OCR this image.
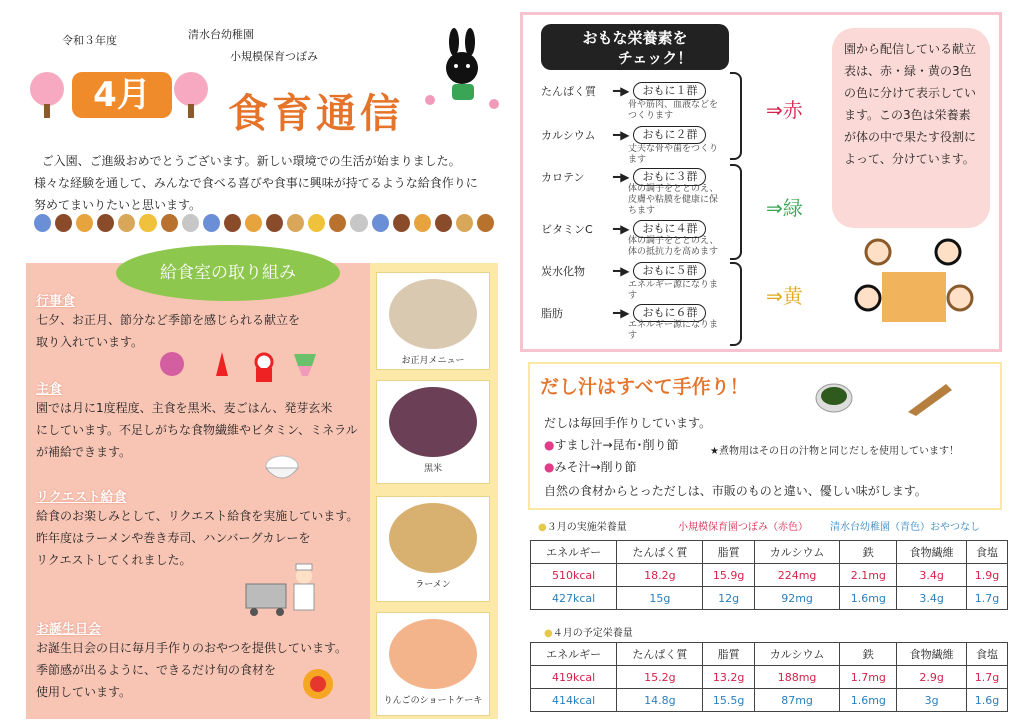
令和３年度	清水台幼稚園
小規模保育つぼみ
4月	食育通信
ご入園、ご進級おめでとうございます。新しい環境での生活が始まりました。
様々な経験を通して、みんなで食べる喜びや食事に興味が持てるような給食作りに
努めてまいりたいと思います。
給食室の取り組み
行事食
七夕、お正月、節分など季節を感じられる献立を
取り入れています。
主食
園では月に1度程度、主食を黒米、麦ごはん、発芽玄米
にしています。不足しがちな食物繊維やビタミン、ミネラル
が補給できます。
リクエスト給食
給食のお楽しみとして、リクエスト給食を実施しています。
昨年度はラーメンや巻き寿司、ハンバーグカレーを
リクエストしてくれました。
お誕生日会
お誕生日会の日に毎月手作りのおやつを提供しています。
季節感が出るように、できるだけ旬の食材を
使用しています。
お正月メニュー
黒米
ラーメン
りんごのショートケーキ
おもな栄養素を
チェック！
たんぱく質	━▶	おもに１群
骨や筋肉、血液などをつくります
カルシウム	━▶	おもに２群
丈夫な骨や歯をつくります
カロテン	━▶	おもに３群
体の調子をととのえ、皮膚や粘膜を健康に保ちます
ビタミンC	━▶	おもに４群
体の調子をととのえ、体の抵抗力を高めます
炭水化物	━▶	おもに５群
エネルギー源になります
脂肪	━▶	おもに６群
エネルギー源になります
⇒赤
⇒緑
⇒黄
園から配信している献立表は、赤・緑・黄の3色の色に分けて表示しています。この3色は栄養素が体の中で果たす役割によって、分けています。
だし汁はすべて手作り！
だしは毎回手作りしています。
●すまし汁→昆布･削り節	★煮物用はその日の汁物と同じだしを使用しています！
●みそ汁→削り節
自然の食材からとっただしは、市販のものと違い、優しい味がします。
●３月の実施栄養量	小規模保育園つぼみ（赤色） 清水台幼稚園（青色）おやつなし
エネルギー	たんぱく質	脂質	カルシウム	鉄	食物繊維	食塩
510kcal	18.2g	15.9g	224mg	2.1mg	3.4g	1.9g
427kcal	15g	12g	92mg	1.6mg	3.4g	1.7g
●４月の予定栄養量
エネルギー	たんぱく質	脂質	カルシウム	鉄	食物繊維	食塩
419kcal	15.2g	13.2g	188mg	1.7mg	2.9g	1.7g
414kcal	14.8g	15.5g	87mg	1.6mg	3g	1.6g
